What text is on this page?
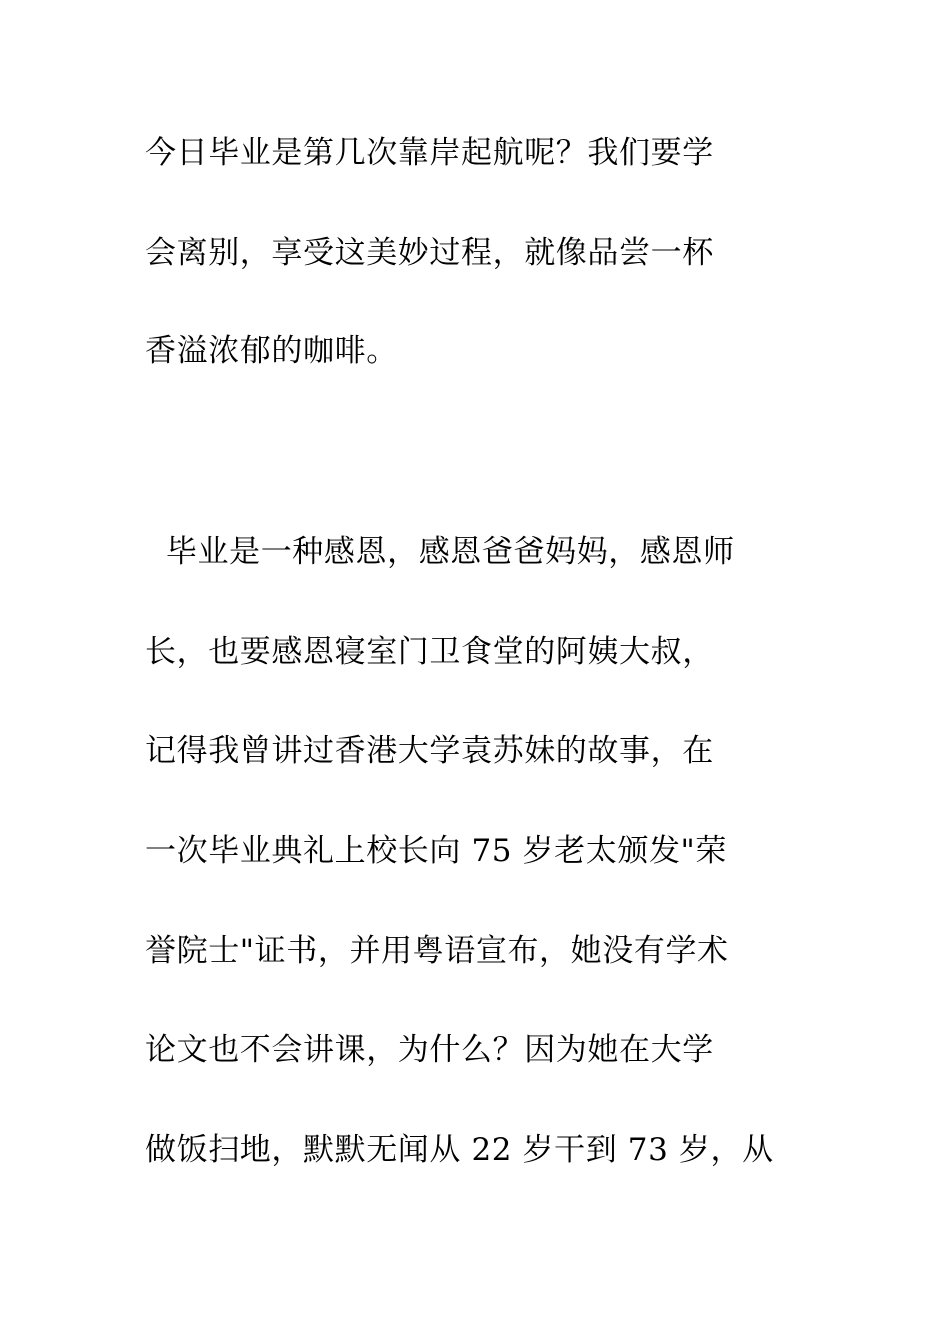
今日毕业是第几次靠岸起航呢？我们要学

会离别，享受这美妙过程，就像品尝一杯

香溢浓郁的咖啡。

毕业是一种感恩，感恩爸爸妈妈，感恩师

长，也要感恩寝室门卫食堂的阿姨大叔，

记得我曾讲过香港大学袁苏妹的故事，在

一次毕业典礼上校长向 75 岁老太颁发"荣

誉院士"证书，并用粤语宣布，她没有学术

论文也不会讲课，为什么？因为她在大学

做饭扫地，默默无闻从 22 岁干到 73 岁，从
